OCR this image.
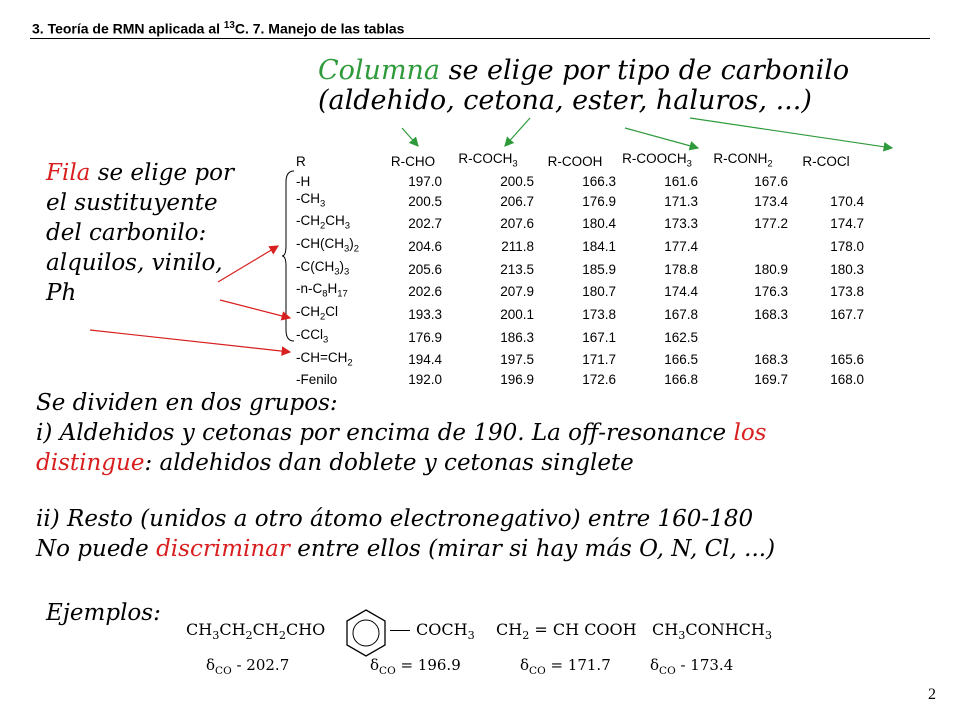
3. Teoría de RMN aplicada al $^{13}$C. 7. Manejo de las tablas
Columna se elige por tipo de carbonilo
(aldehido, cetona, ester, haluros, ...)
Fila se elige por
el sustituyente
del carbonilo:
alquilos, vinilo,
Ph
R	R-CHO	$R-COCH_3$	R-COOH	$R-COOCH_3$	$R-CONH_2$	R-COCl
-H	197.0	200.5	166.3	161.6	167.6	
$-CH_3$	200.5	206.7	176.9	171.3	173.4	170.4
$-CH_2CH_3$	202.7	207.6	180.4	173.3	177.2	174.7
$-CH(CH_3)_2$	204.6	211.8	184.1	177.4		178.0
$-C(CH_3)_3$	205.6	213.5	185.9	178.8	180.9	180.3
$-n-C_8H_{17}$	202.6	207.9	180.7	174.4	176.3	173.8
$-CH_2Cl$	193.3	200.1	173.8	167.8	168.3	167.7
-CCl$_3$	176.9	186.3	167.1	162.5		
$-CH=CH_2$	194.4	197.5	171.7	166.5	168.3	165.6
-Fenilo	192.0	196.9	172.6	166.8	169.7	168.0
Se dividen en dos grupos:
i) Aldehidos y cetonas por encima de 190. La off-resonance los
distingue: aldehidos dan doblete y cetonas singlete
ii) Resto (unidos a otro átomo electronegativo) entre 160-180
No puede discriminar entre ellos (mirar si hay más O, N, Cl, ...)
Ejemplos:
$CH_3CH_2CH_2CHO$	$COCH_3$ $CH_2$ = CH COOH $CH_3CONHCH_3$
$\delta_{CO} - 202.7$	$\delta_{CO} = 196.9$	$\delta_{CO} = 171.7$	$\delta_{CO} - 173.4$
2
